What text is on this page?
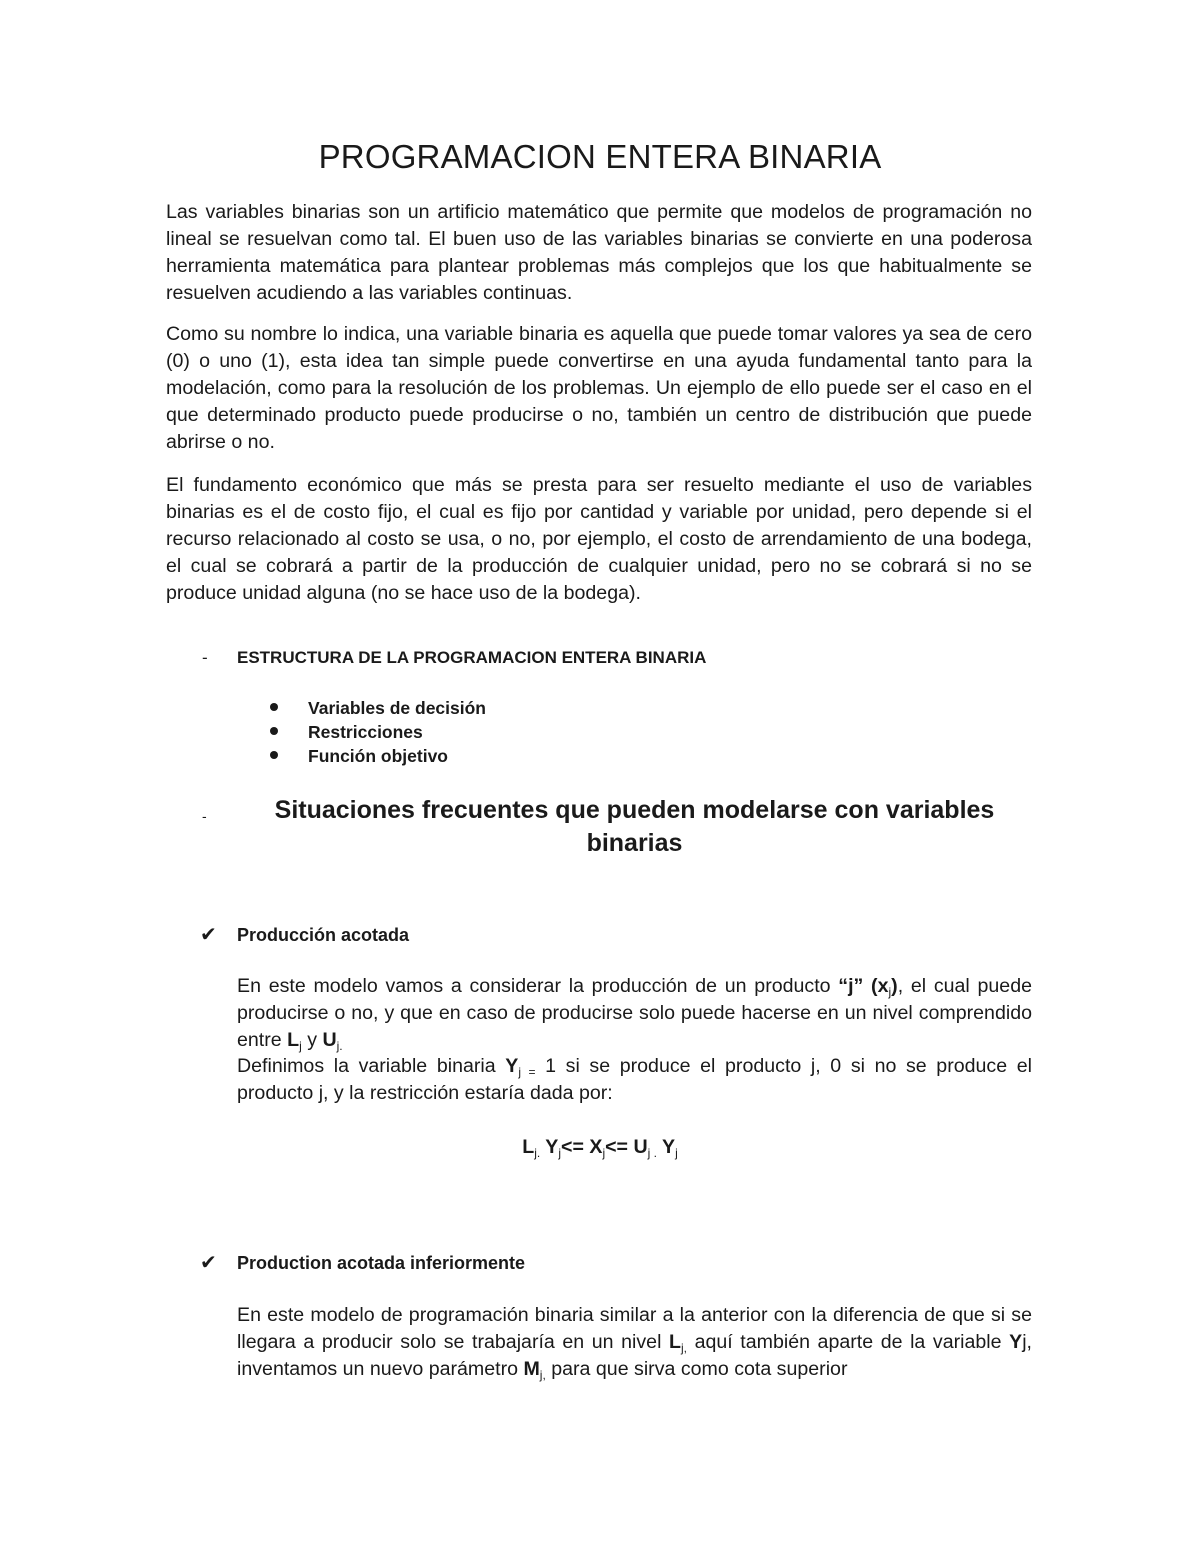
PROGRAMACION ENTERA BINARIA

Las variables binarias son un artificio matemático que permite que modelos de programación no lineal se resuelvan como tal. El buen uso de las variables binarias se convierte en una poderosa herramienta matemática para plantear problemas más complejos que los que habitualmente se resuelven acudiendo a las variables continuas.

Como su nombre lo indica, una variable binaria es aquella que puede tomar valores ya sea de cero (0) o uno (1), esta idea tan simple puede convertirse en una ayuda fundamental tanto para la modelación, como para la resolución de los problemas. Un ejemplo de ello puede ser el caso en el que determinado producto puede producirse o no, también un centro de distribución que puede abrirse o no.

El fundamento económico que más se presta para ser resuelto mediante el uso de variables binarias es el de costo fijo, el cual es fijo por cantidad y variable por unidad, pero depende si el recurso relacionado al costo se usa, o no, por ejemplo, el costo de arrendamiento de una bodega, el cual se cobrará a partir de la producción de cualquier unidad, pero no se cobrará si no se produce unidad alguna (no se hace uso de la bodega).

- ESTRUCTURA DE LA PROGRAMACION ENTERA BINARIA
Variables de decisión
Restricciones
Función objetivo
-	Situaciones frecuentes que pueden modelarse con variables binarias
✔ Producción acotada

En este modelo vamos a considerar la producción de un producto “j” $(x_j)$, el cual puede producirse o no, y que en caso de producirse solo puede hacerse en un nivel comprendido entre $L_j$ y $U_{j.}$

Definimos la variable binaria $Y_{j =}$ 1 si se produce el producto j, 0 si no se produce el producto j, y la restricción estaría dada por:

$L_{j.}$ $Y_j<= X_j<= U_{j .}$ $Y_j$
✔ Production acotada inferiormente

En este modelo de programación binaria similar a la anterior con la diferencia de que si se llegara a producir solo se trabajaría en un nivel $L_{j,}$ aquí también aparte de la variable Yj, inventamos un nuevo parámetro $M_{j,}$ para que sirva como cota superior
